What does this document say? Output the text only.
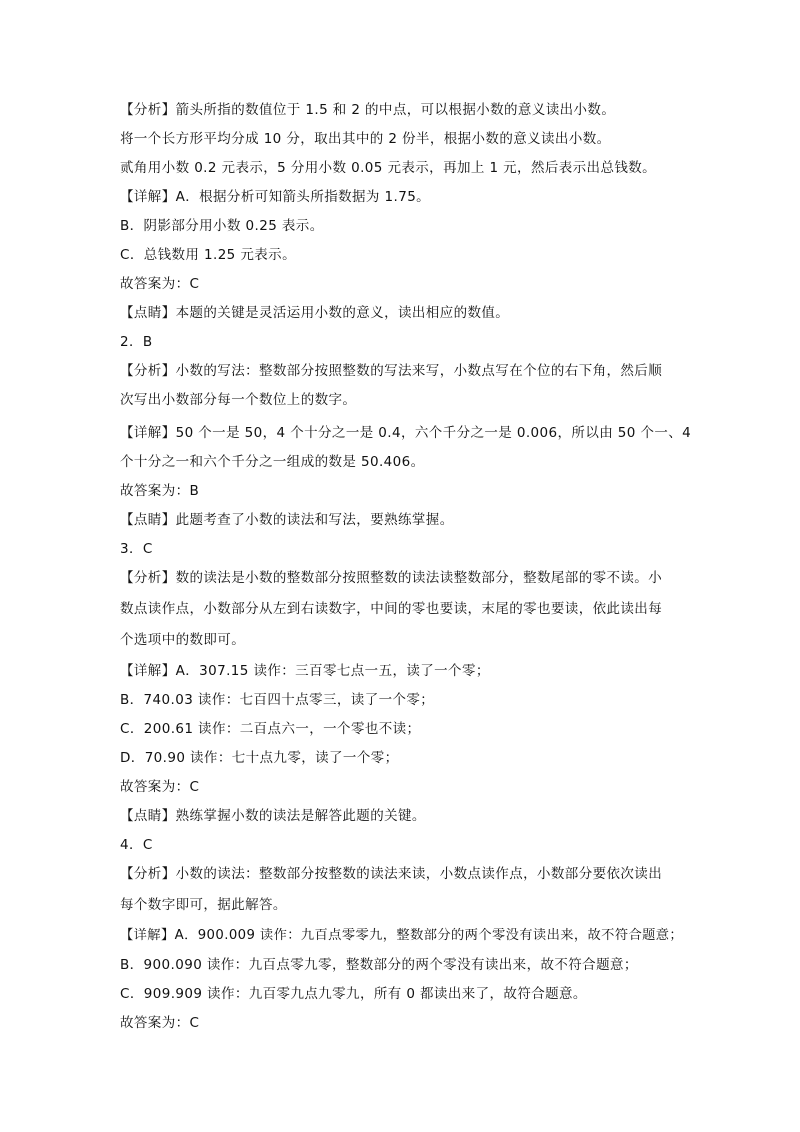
【分析】箭头所指的数值位于 1.5 和 2 的中点，可以根据小数的意义读出小数。
将一个长方形平均分成 10 分，取出其中的 2 份半，根据小数的意义读出小数。
贰角用小数 0.2 元表示，5 分用小数 0.05 元表示，再加上 1 元，然后表示出总钱数。
【详解】A．根据分析可知箭头所指数据为 1.75。
B．阴影部分用小数 0.25 表示。
C．总钱数用 1.25 元表示。
故答案为：C
【点睛】本题的关键是灵活运用小数的意义，读出相应的数值。
2．B
【分析】小数的写法：整数部分按照整数的写法来写，小数点写在个位的右下角，然后顺
次写出小数部分每一个数位上的数字。
【详解】50 个一是 50，4 个十分之一是 0.4，六个千分之一是 0.006，所以由 50 个一、4
个十分之一和六个千分之一组成的数是 50.406。
故答案为：B
【点睛】此题考查了小数的读法和写法，要熟练掌握。
3．C
【分析】数的读法是小数的整数部分按照整数的读法读整数部分，整数尾部的零不读。小
数点读作点，小数部分从左到右读数字，中间的零也要读，末尾的零也要读，依此读出每
个选项中的数即可。
【详解】A．307.15 读作：三百零七点一五，读了一个零；
B．740.03 读作：七百四十点零三，读了一个零；
C．200.61 读作：二百点六一，一个零也不读；
D．70.90 读作：七十点九零，读了一个零；
故答案为：C
【点睛】熟练掌握小数的读法是解答此题的关键。
4．C
【分析】小数的读法：整数部分按整数的读法来读，小数点读作点，小数部分要依次读出
每个数字即可，据此解答。
【详解】A．900.009 读作：九百点零零九，整数部分的两个零没有读出来，故不符合题意；
B．900.090 读作：九百点零九零，整数部分的两个零没有读出来，故不符合题意；
C．909.909 读作：九百零九点九零九，所有 0 都读出来了，故符合题意。
故答案为：C
